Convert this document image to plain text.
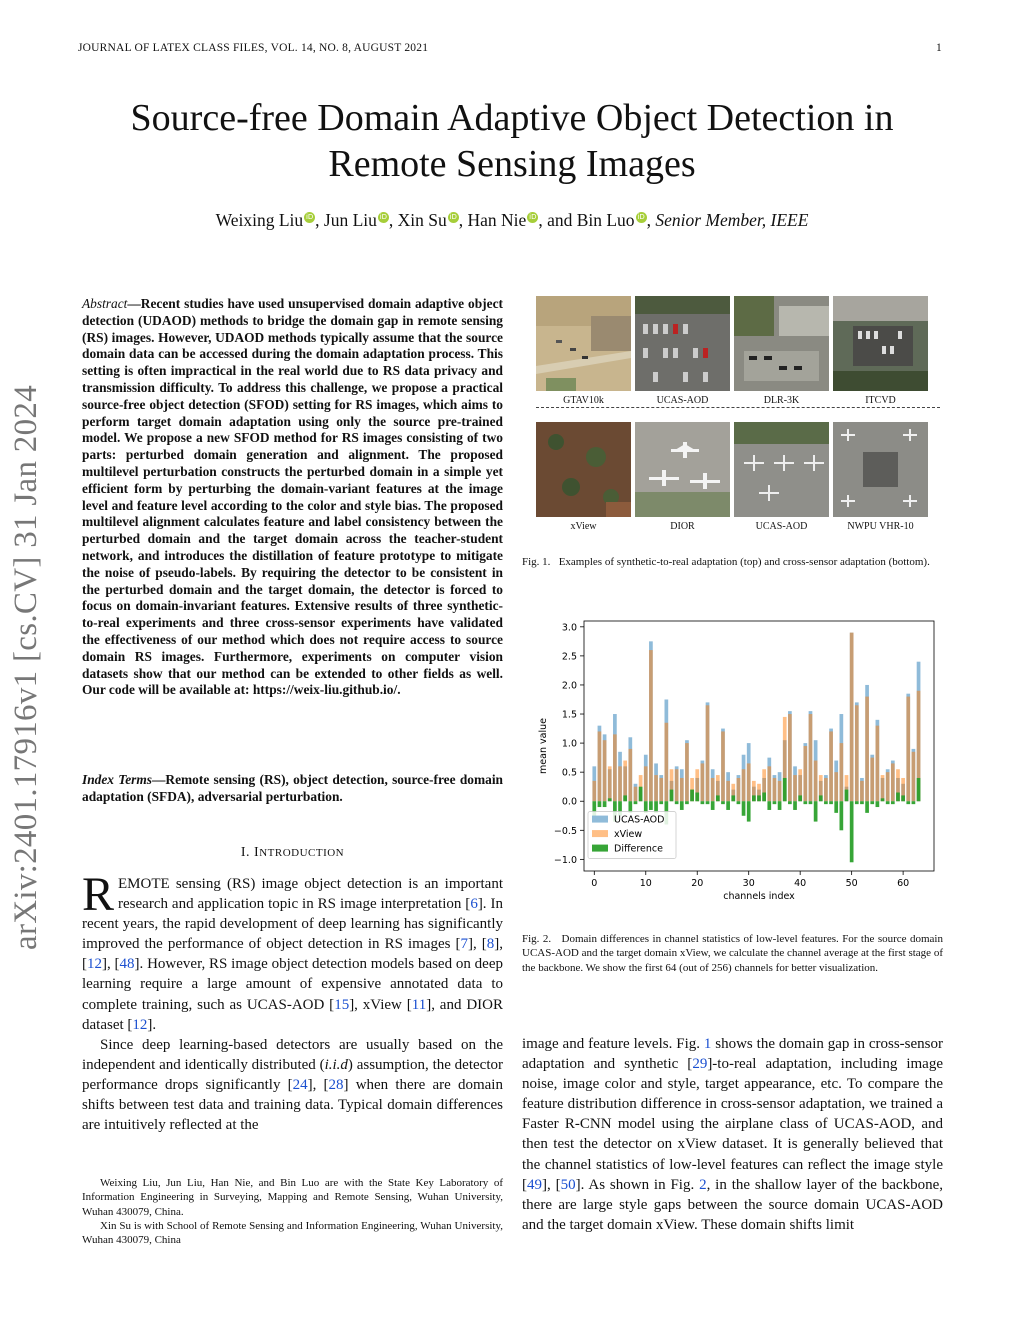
JOURNAL OF LATEX CLASS FILES, VOL. 14, NO. 8, AUGUST 2021	1
arXiv:2401.17916v1 [cs.CV] 31 Jan 2024
Source-free Domain Adaptive Object Detection in
Remote Sensing Images
Weixing Liu iD , Jun Liu iD , Xin Su iD , Han Nie iD , and Bin Luo iD , Senior Member, IEEE
Abstract—Recent studies have used unsupervised domain adaptive object detection (UDAOD) methods to bridge the domain gap in remote sensing (RS) images. However, UDAOD methods typically assume that the source domain data can be accessed during the domain adaptation process. This setting is often impractical in the real world due to RS data privacy and transmission difficulty. To address this challenge, we propose a practical source-free object detection (SFOD) setting for RS images, which aims to perform target domain adaptation using only the source pre-trained model. We propose a new SFOD method for RS images consisting of two parts: perturbed domain generation and alignment. The proposed multilevel perturbation constructs the perturbed domain in a simple yet efficient form by perturbing the domain-variant features at the image level and feature level according to the color and style bias. The proposed multilevel alignment calculates feature and label consistency between the perturbed domain and the target domain across the teacher-student network, and introduces the distillation of feature prototype to mitigate the noise of pseudo-labels. By requiring the detector to be consistent in the perturbed domain and the target domain, the detector is forced to focus on domain-invariant features. Extensive results of three synthetic-to-real experiments and three cross-sensor experiments have validated the effectiveness of our method which does not require access to source domain RS images. Furthermore, experiments on computer vision datasets show that our method can be extended to other fields as well. Our code will be available at: https://weix-liu.github.io/.
Index Terms—Remote sensing (RS), object detection, source-free domain adaptation (SFDA), adversarial perturbation.
I. INTRODUCTION

REMOTE sensing (RS) image object detection is an important research and application topic in RS image interpretation [6]. In recent years, the rapid development of deep learning has significantly improved the performance of object detection in RS images [7], [8], [12], [48]. However, RS image object detection models based on deep learning require a large amount of expensive annotated data to complete training, such as UCAS-AOD [15], xView [11], and DIOR dataset [12].

Since deep learning-based detectors are usually based on the independent and identically distributed (i.i.d) assumption, the detector performance drops significantly [24], [28] when there are domain shifts between test data and training data. Typical domain differences are intuitively reflected at the

Weixing Liu, Jun Liu, Han Nie, and Bin Luo are with the State Key Laboratory of Information Engineering in Surveying, Mapping and Remote Sensing, Wuhan University, Wuhan 430079, China.

Xin Su is with School of Remote Sensing and Information Engineering, Wuhan University, Wuhan 430079, China

GTAV10k	UCAS-AOD	DLR-3K	ITCVD
xView	DIOR	UCAS-AOD	NWPU VHR-10
Fig. 1. Examples of synthetic-to-real adaptation (top) and cross-sensor adaptation (bottom).
−1.0
−0.5
0.0
0.5
1.0
1.5
2.0
2.5
3.0
0	10	20	30	40	50	60
channels index
mean value
UCAS-AOD
xView
Difference
Fig. 2. Domain differences in channel statistics of low-level features. For the source domain UCAS-AOD and the target domain xView, we calculate the channel average at the first stage of the backbone. We show the first 64 (out of 256) channels for better visualization.

image and feature levels. Fig. 1 shows the domain gap in cross-sensor adaptation and synthetic [29]-to-real adaptation, including image noise, image color and style, target appearance, etc. To compare the feature distribution difference in cross-sensor adaptation, we trained a Faster R-CNN model using the airplane class of UCAS-AOD, and then test the detector on xView dataset. It is generally believed that the channel statistics of low-level features can reflect the image style [49], [50]. As shown in Fig. 2, in the shallow layer of the backbone, there are large style gaps between the source domain UCAS-AOD and the target domain xView. These domain shifts limit
